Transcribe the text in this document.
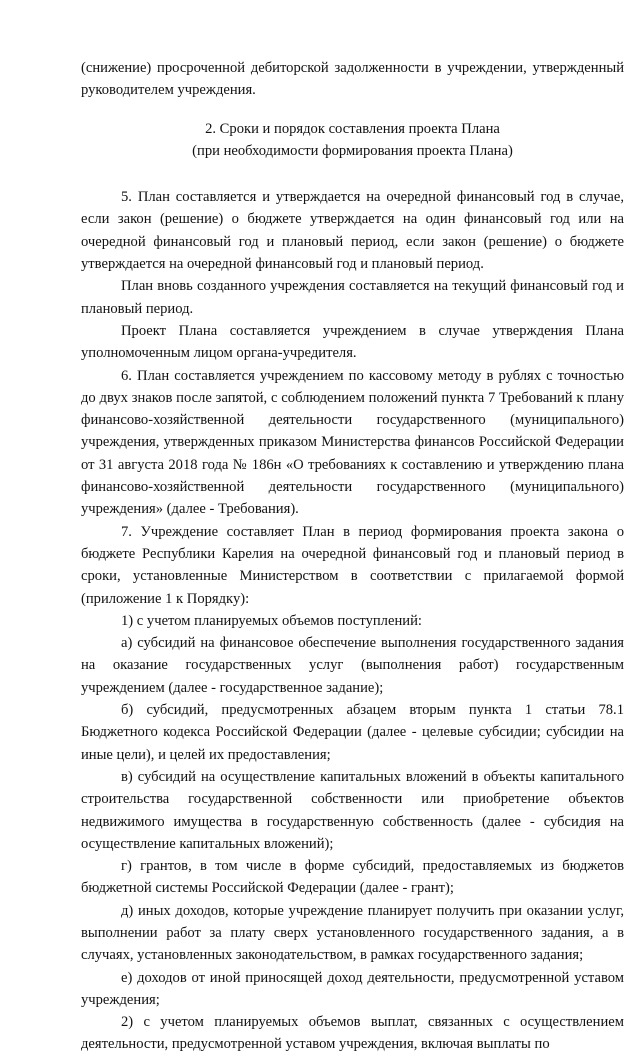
(снижение) просроченной дебиторской задолженности в учреждении, утвержденный руководителем учреждения.

2. Сроки и порядок составления проекта Плана

(при необходимости формирования проекта Плана)

5. План составляется и утверждается на очередной финансовый год в случае, если закон (решение) о бюджете утверждается на один финансовый год или на очередной финансовый год и плановый период, если закон (решение) о бюджете утверждается на очередной финансовый год и плановый период.

План вновь созданного учреждения составляется на текущий финансовый год и плановый период.

Проект Плана составляется учреждением в случае утверждения Плана уполномоченным лицом органа-учредителя.

6. План составляется учреждением по кассовому методу в рублях с точностью до двух знаков после запятой, с соблюдением положений пункта 7 Требований к плану финансово-хозяйственной деятельности государственного (муниципального) учреждения, утвержденных приказом Министерства финансов Российской Федерации от 31 августа 2018 года № 186н «О требованиях к составлению и утверждению плана финансово-хозяйственной деятельности государственного (муниципального) учреждения» (далее - Требования).

7. Учреждение составляет План в период формирования проекта закона о бюджете Республики Карелия на очередной финансовый год и плановый период в сроки, установленные Министерством в соответствии с прилагаемой формой (приложение 1 к Порядку):

1) с учетом планируемых объемов поступлений:

а) субсидий на финансовое обеспечение выполнения государственного задания на оказание государственных услуг (выполнения работ) государственным учреждением (далее - государственное задание);

б) субсидий, предусмотренных абзацем вторым пункта 1 статьи 78.1 Бюджетного кодекса Российской Федерации (далее - целевые субсидии; субсидии на иные цели), и целей их предоставления;

в) субсидий на осуществление капитальных вложений в объекты капитального строительства государственной собственности или приобретение объектов недвижимого имущества в государственную собственность (далее - субсидия на осуществление капитальных вложений);

г) грантов, в том числе в форме субсидий, предоставляемых из бюджетов бюджетной системы Российской Федерации (далее - грант);

д) иных доходов, которые учреждение планирует получить при оказании услуг, выполнении работ за плату сверх установленного государственного задания, а в случаях, установленных законодательством, в рамках государственного задания;

е) доходов от иной приносящей доход деятельности, предусмотренной уставом учреждения;

2) с учетом планируемых объемов выплат, связанных с осуществлением деятельности, предусмотренной уставом учреждения, включая выплаты по
